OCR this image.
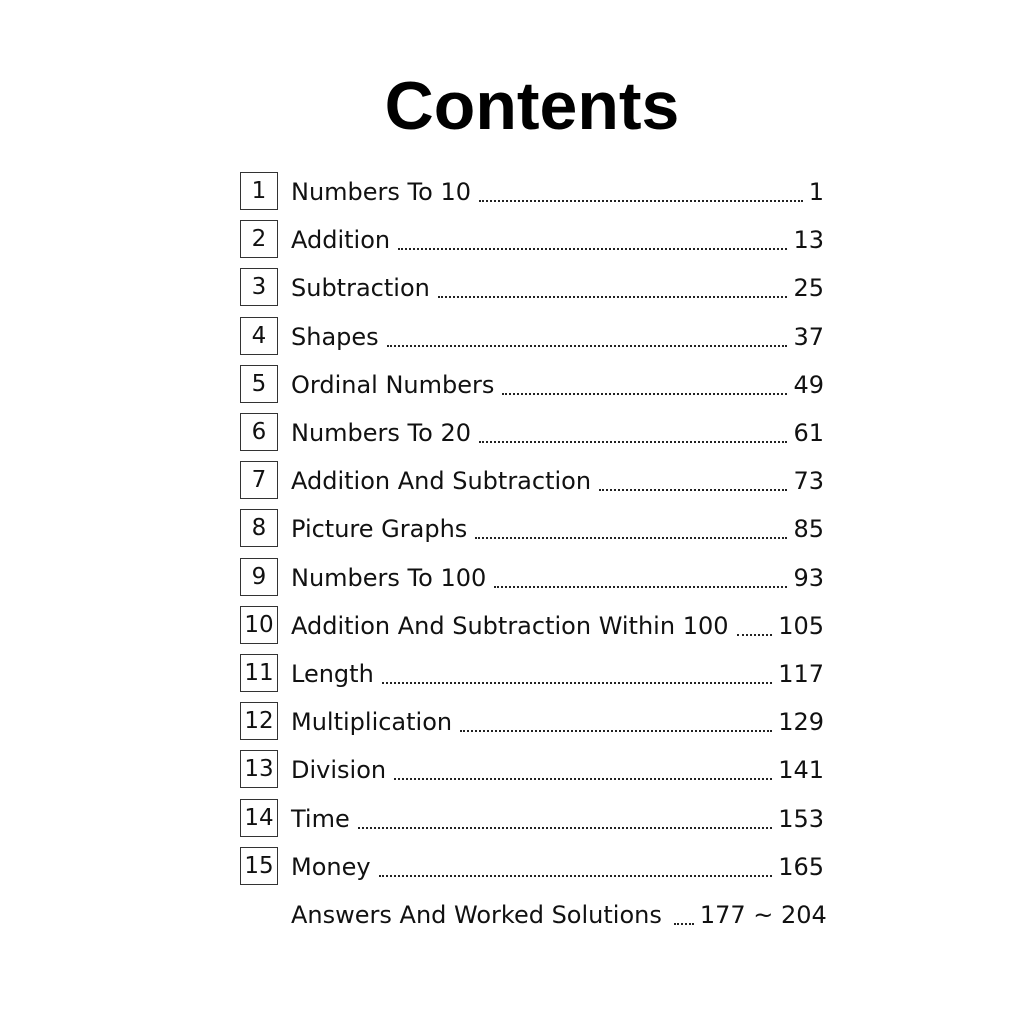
Contents
1	Numbers To 10	1
2	Addition	13
3	Subtraction	25
4	Shapes	37
5	Ordinal Numbers	49
6	Numbers To 20	61
7	Addition And Subtraction	73
8	Picture Graphs	85
9	Numbers To 100	93
10 Addition And Subtraction Within 100	105
11 Length	117
12 Multiplication	129
13 Division	141
14 Time	153
15 Money	165
Answers And Worked Solutions	177 ~ 204
